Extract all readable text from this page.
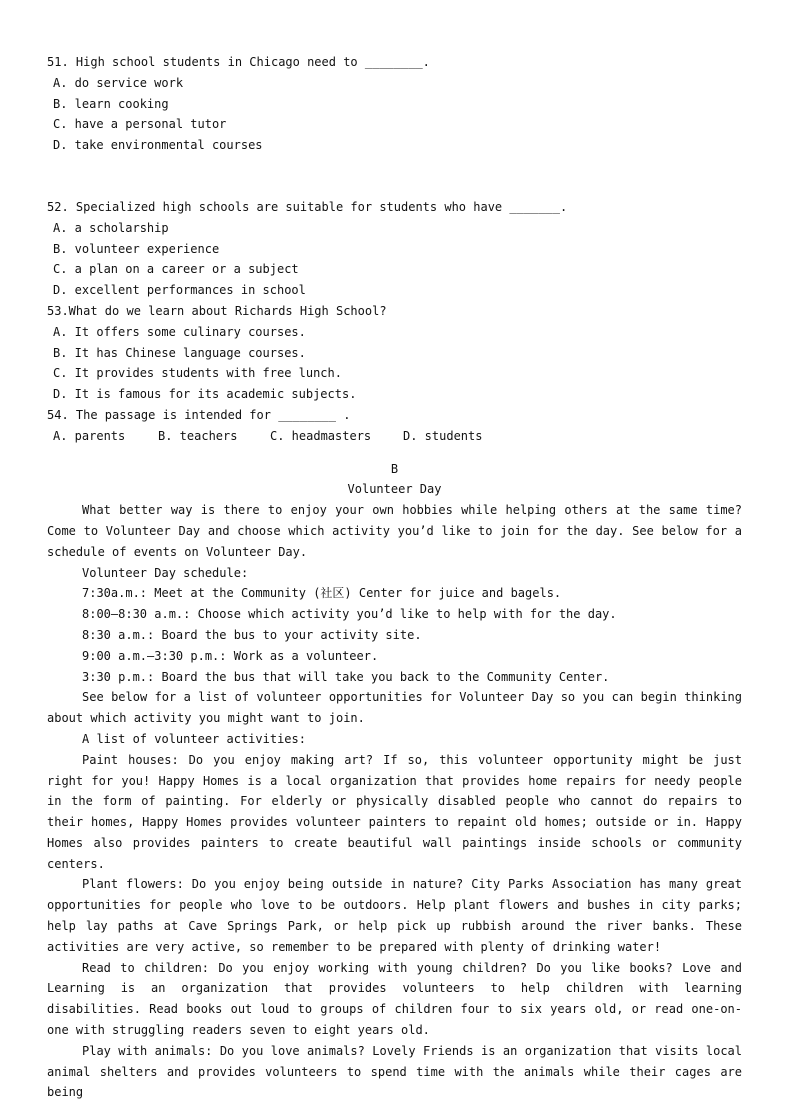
51. High school students in Chicago need to ________.

A. do service work

B. learn cooking

C. have a personal tutor

D. take environmental courses

52. Specialized high schools are suitable for students who have _______.

A. a scholarship

B. volunteer experience

C. a plan on a career or a subject

D. excellent performances in school

53.What do we learn about Richards High School?

A. It offers some culinary courses.

B. It has Chinese language courses.

C. It provides students with free lunch.

D. It is famous for its academic subjects.

54. The passage is intended for ________ .

A. parents	B. teachers	C. headmasters	D. students

B

Volunteer Day

What better way is there to enjoy your own hobbies while helping others at the same time? Come to Volunteer Day and choose which activity you’d like to join for the day. See below for a schedule of events on Volunteer Day.

Volunteer Day schedule:

7:30a.m.: Meet at the Community (社区) Center for juice and bagels.

8:00—8:30 a.m.: Choose which activity you’d like to help with for the day.

8:30 a.m.: Board the bus to your activity site.

9:00 a.m.—3:30 p.m.: Work as a volunteer.

3:30 p.m.: Board the bus that will take you back to the Community Center.

See below for a list of volunteer opportunities for Volunteer Day so you can begin thinking about which activity you might want to join.

A list of volunteer activities:

Paint houses: Do you enjoy making art? If so, this volunteer opportunity might be just right for you! Happy Homes is a local organization that provides home repairs for needy people in the form of painting. For elderly or physically disabled people who cannot do repairs to their homes, Happy Homes provides volunteer painters to repaint old homes; outside or in. Happy Homes also provides painters to create beautiful wall paintings inside schools or community centers.

Plant flowers: Do you enjoy being outside in nature? City Parks Association has many great opportunities for people who love to be outdoors. Help plant flowers and bushes in city parks; help lay paths at Cave Springs Park, or help pick up rubbish around the river banks. These activities are very active, so remember to be prepared with plenty of drinking water!

Read to children: Do you enjoy working with young children? Do you like books? Love and Learning is an organization that provides volunteers to help children with learning disabilities. Read books out loud to groups of children four to six years old, or read one-on-one with struggling readers seven to eight years old.

Play with animals: Do you love animals? Lovely Friends is an organization that visits local animal shelters and provides volunteers to spend time with the animals while their cages are being
